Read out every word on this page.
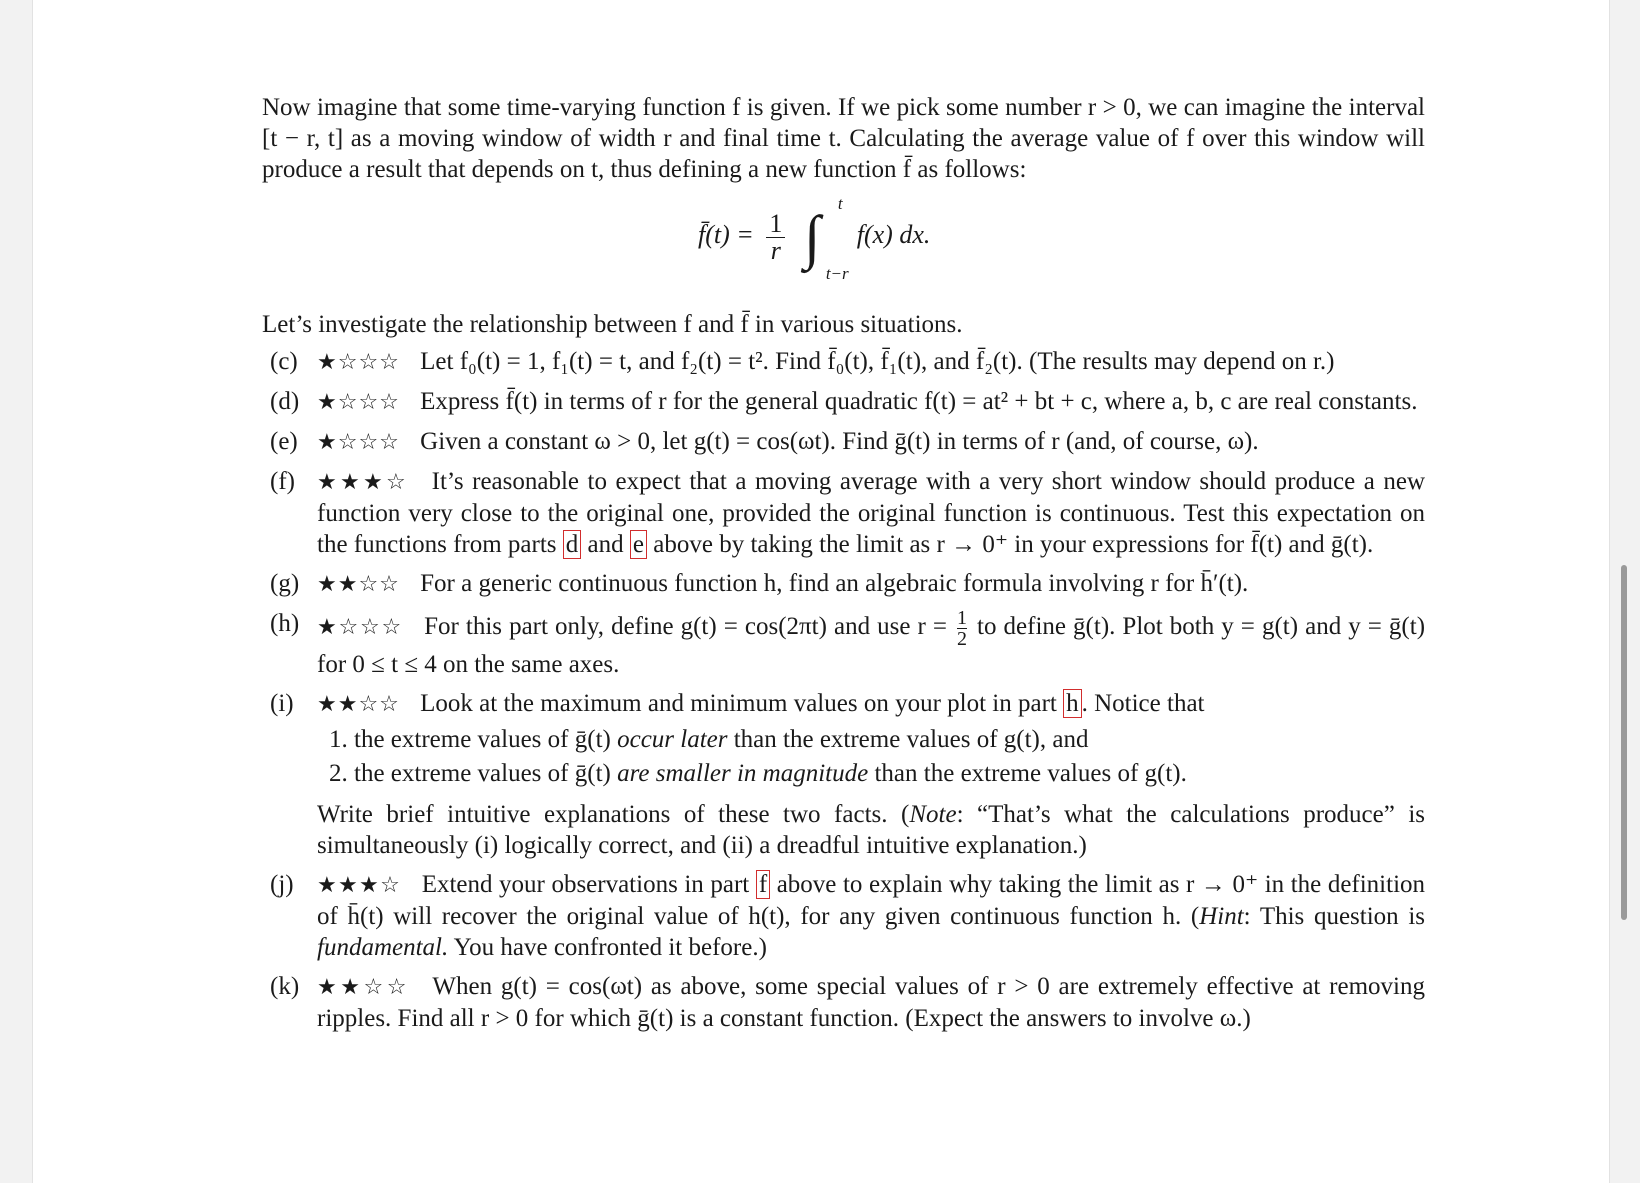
Now imagine that some time-varying function f is given. If we pick some number r > 0, we can imagine the interval [t − r, t] as a moving window of width r and final time t. Calculating the average value of f over this window will produce a result that depends on t, thus defining a new function f̄ as follows:

f̄(t) = $\frac{1}{r}$ ∫
t
t−r
f(x) dx.

Let’s investigate the relationship between f and f̄ in various situations.

(c) ★☆☆☆ Let f₀(t) = 1, f₁(t) = t, and f₂(t) = t². Find f̄₀(t), f̄₁(t), and f̄₂(t). (The results may depend on r.)
(d) ★☆☆☆ Express f̄(t) in terms of r for the general quadratic f(t) = at² + bt + c, where a, b, c are real constants.
(e) ★☆☆☆ Given a constant ω > 0, let g(t) = cos(ωt). Find ḡ(t) in terms of r (and, of course, ω).
(f) ★★★☆ It’s reasonable to expect that a moving average with a very short window should produce a new function very close to the original one, provided the original function is continuous. Test this expectation on the functions from parts d and e above by taking the limit as r → 0⁺ in your expressions for f̄(t) and ḡ(t).
(g) ★★☆☆ For a generic continuous function h, find an algebraic formula involving r for h̄′(t).
(h) ★☆☆☆ For this part only, define g(t) = cos(2πt) and use $r = \frac{1}{2}$ to define ḡ(t). Plot both y = g(t) and y = ḡ(t) for 0 ≤ t ≤ 4 on the same axes.
(i) ★★☆☆ Look at the maximum and minimum values on your plot in part h . Notice that
1. the extreme values of ḡ(t) occur later than the extreme values of g(t), and
2. the extreme values of ḡ(t) are smaller in magnitude than the extreme values of g(t).
Write brief intuitive explanations of these two facts. (Note: “That’s what the calculations produce” is simultaneously (i) logically correct, and (ii) a dreadful intuitive explanation.)
(j) ★★★☆ Extend your observations in part f above to explain why taking the limit as r → 0⁺ in the definition of h̄(t) will recover the original value of h(t), for any given continuous function h. (Hint: This question is fundamental. You have confronted it before.)
(k) ★★☆☆ When g(t) = cos(ωt) as above, some special values of r > 0 are extremely effective at removing ripples. Find all r > 0 for which ḡ(t) is a constant function. (Expect the answers to involve ω.)
